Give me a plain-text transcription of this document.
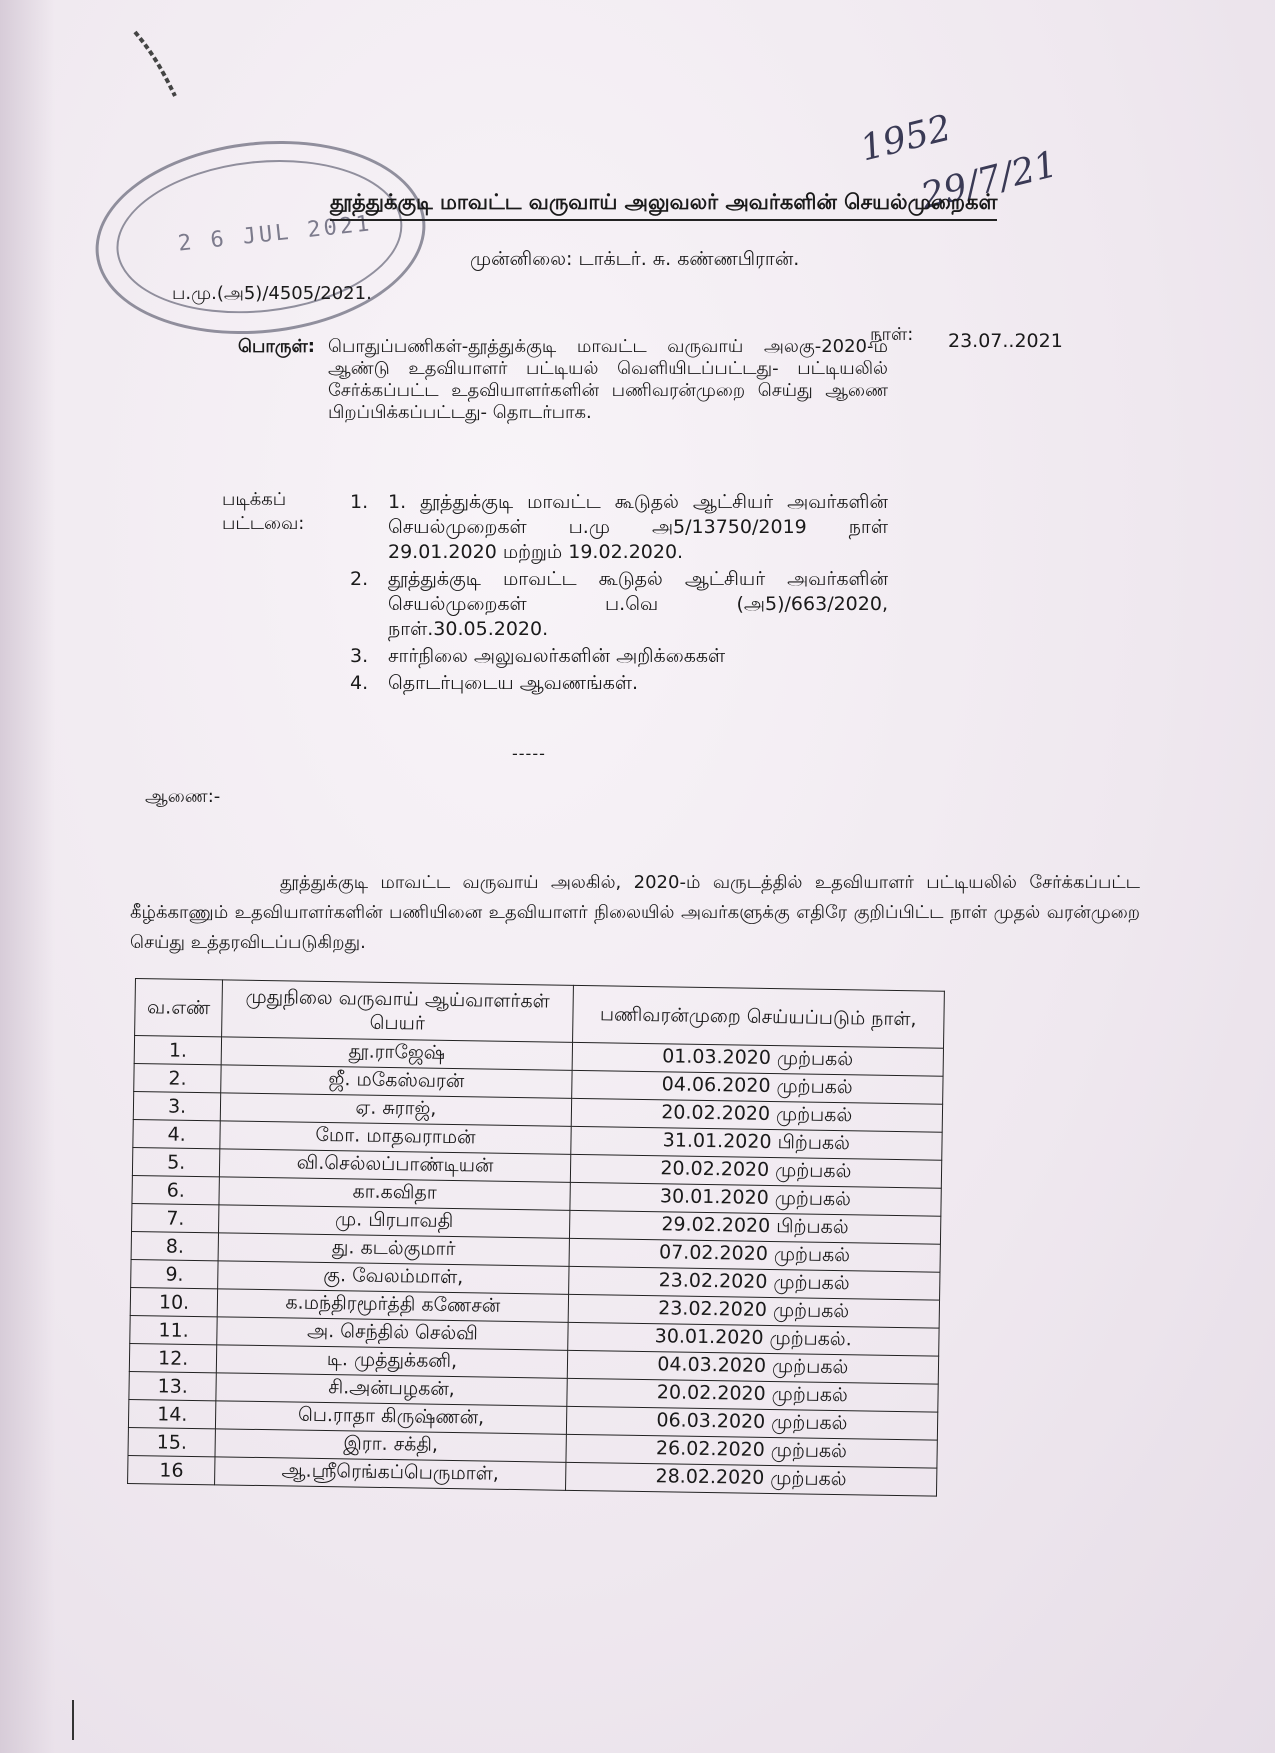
2 6 JUL 2021
1952
29/7/21
தூத்துக்குடி மாவட்ட வருவாய் அலுவலர் அவர்களின் செயல்முறைகள்
முன்னிலை: டாக்டர். சு. கண்ணபிரான்.
ப.மு.(அ5)/4505/2021.
நாள்: 23.07..2021
பொருள்: பொதுப்பணிகள்-தூத்துக்குடி மாவட்ட வருவாய் அலகு-2020-ம் ஆண்டு உதவியாளர் பட்டியல் வெளியிடப்பட்டது- பட்டியலில் சேர்க்கப்பட்ட உதவியாளர்களின் பணிவரன்முறை செய்து ஆணை பிறப்பிக்கப்பட்டது- தொடர்பாக.
படிக்கப் பட்டவை:
1. 1. தூத்துக்குடி மாவட்ட கூடுதல் ஆட்சியர் அவர்களின் செயல்முறைகள் ப.மு அ5/13750/2019 நாள் 29.01.2020 மற்றும் 19.02.2020.
2. தூத்துக்குடி மாவட்ட கூடுதல் ஆட்சியர் அவர்களின் செயல்முறைகள் ப.வெ (அ5)/663/2020, நாள்.30.05.2020.
3. சார்நிலை அலுவலர்களின் அறிக்கைகள்
4. தொடர்புடைய ஆவணங்கள்.
-----
ஆணை:-
தூத்துக்குடி மாவட்ட வருவாய் அலகில், 2020-ம் வருடத்தில் உதவியாளர் பட்டியலில் சேர்க்கப்பட்ட கீழ்க்காணும் உதவியாளர்களின் பணியினை உதவியாளர் நிலையில் அவர்களுக்கு எதிரே குறிப்பிட்ட நாள் முதல் வரன்முறை செய்து உத்தரவிடப்படுகிறது.
வ.எண்	முதுநிலை வருவாய் ஆய்வாளர்கள் பெயர்	பணிவரன்முறை செய்யப்படும் நாள்,
1.	தூ.ராஜேஷ்	01.03.2020 முற்பகல்
2.	ஜீ. மகேஸ்வரன்	04.06.2020 முற்பகல்
3.	ஏ. சுராஜ்,	20.02.2020 முற்பகல்
4.	மோ. மாதவராமன்	31.01.2020 பிற்பகல்
5.	வி.செல்லப்பாண்டியன்	20.02.2020 முற்பகல்
6.	கா.கவிதா	30.01.2020 முற்பகல்
7.	மு. பிரபாவதி	29.02.2020 பிற்பகல்
8.	து. கடல்குமார்	07.02.2020 முற்பகல்
9.	கு. வேலம்மாள்,	23.02.2020 முற்பகல்
10.	க.மந்திரமூர்த்தி கணேசன்	23.02.2020 முற்பகல்
11.	அ. செந்தில் செல்வி	30.01.2020 முற்பகல்.
12.	டி. முத்துக்கனி,	04.03.2020 முற்பகல்
13.	சி.அன்பழகன்,	20.02.2020 முற்பகல்
14.	பெ.ராதா கிருஷ்ணன்,	06.03.2020 முற்பகல்
15.	இரா. சக்தி,	26.02.2020 முற்பகல்
16	ஆ.ஸ்ரீரெங்கப்பெருமாள்,	28.02.2020 முற்பகல்
